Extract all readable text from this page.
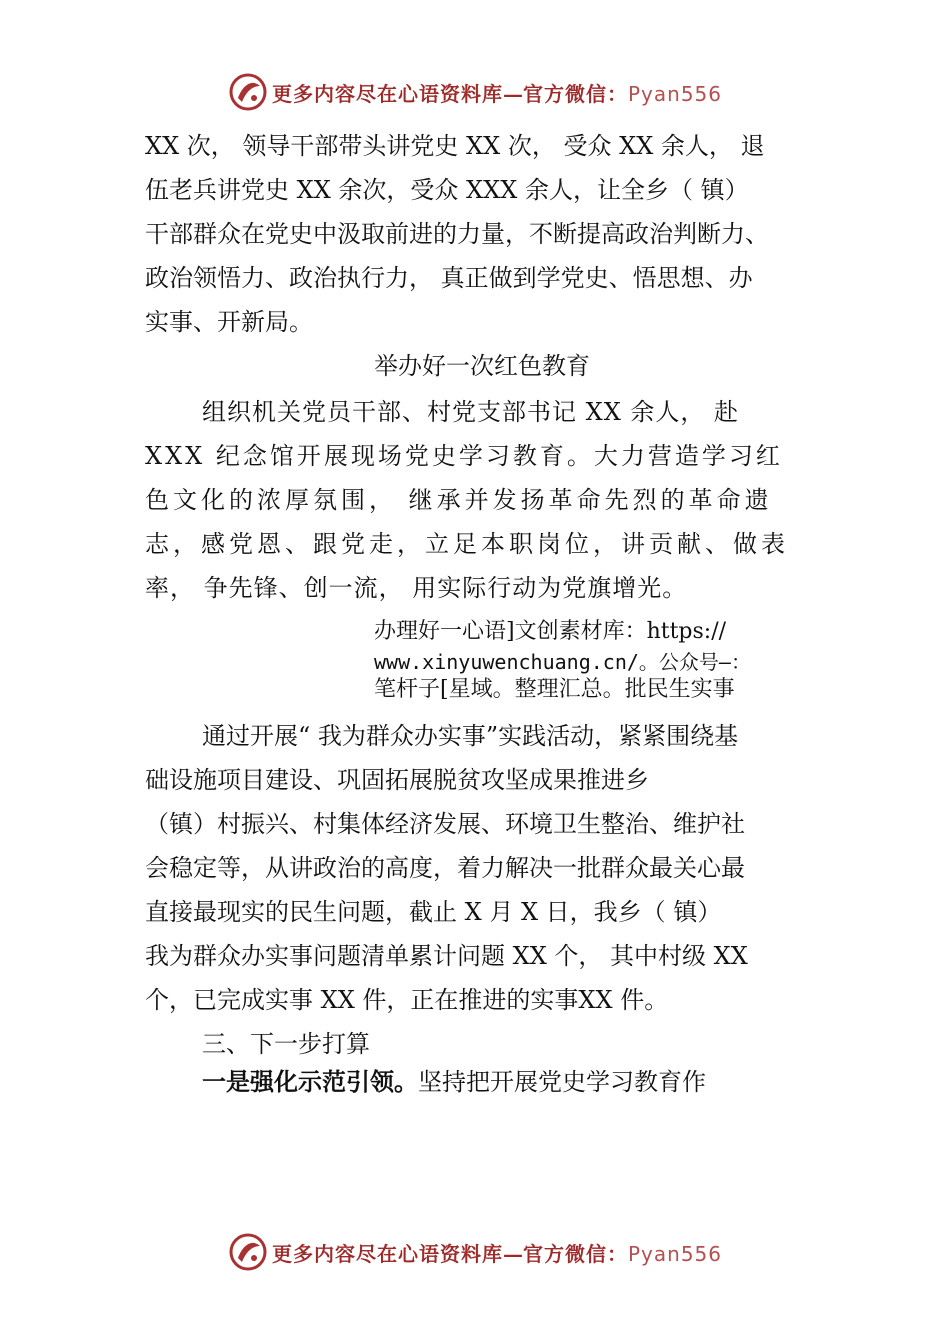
更多内容尽在心语资料库—官方微信：Pyan556
XX 次， 领导干部带头讲党史 XX 次， 受众 XX 余人， 退
伍老兵讲党史 XX 余次，受众 XXX 余人，让全乡（ 镇）
干部群众在党史中汲取前进的力量，不断提高政治判断力、
政治领悟力、政治执行力， 真正做到学党史、悟思想、办
实事、开新局。
举办好一次红色教育
组织机关党员干部、村党支部书记 XX 余人， 赴
XXX 纪念馆开展现场党史学习教育。大力营造学习红
色文化的浓厚氛围， 继承并发扬革命先烈的革命遗
志，感党恩、跟党走，立足本职岗位，讲贡献、做表
率， 争先锋、创一流， 用实际行动为党旗增光。
办理好一心语]文创素材库：https://
www.xinyuwenchuang.cn/。公众号—：
笔杆子[星域。整理汇总。批民生实事
通过开展“ 我为群众办实事”实践活动，紧紧围绕基
础设施项目建设、巩固拓展脱贫攻坚成果推进乡
（镇）村振兴、村集体经济发展、环境卫生整治、维护社
会稳定等，从讲政治的高度，着力解决一批群众最关心最
直接最现实的民生问题，截止 X 月 X 日，我乡（ 镇）
我为群众办实事问题清单累计问题 XX 个， 其中村级 XX
个，已完成实事 XX 件，正在推进的实事XX 件。
三、下一步打算
一是强化示范引领。坚持把开展党史学习教育作
更多内容尽在心语资料库—官方微信：Pyan556
